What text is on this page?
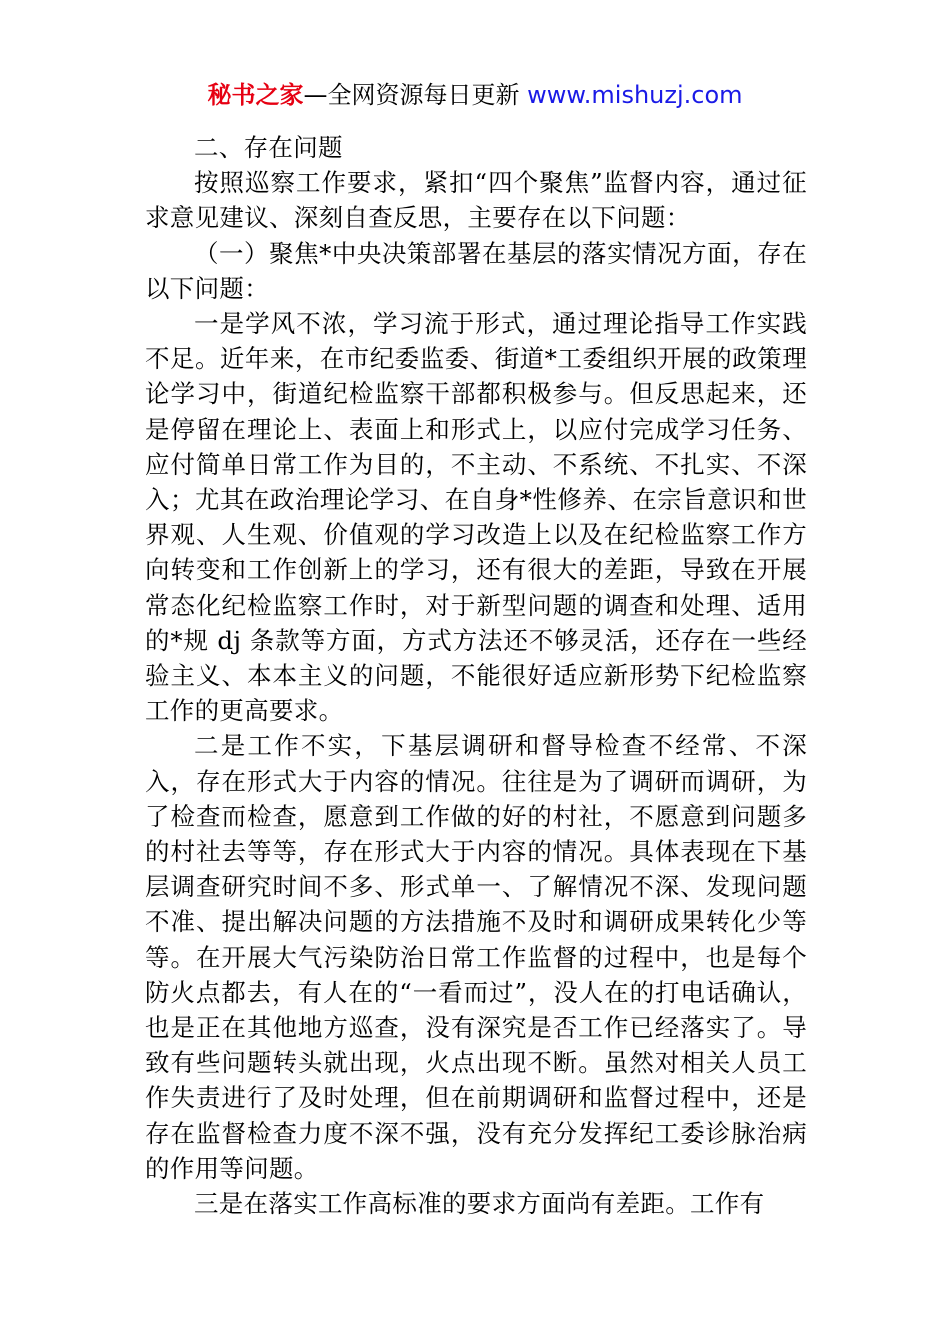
秘书之家—全网资源每日更新 www.mishuzj.com

二、存在问题

按照巡察工作要求，紧扣“四个聚焦”监督内容，通过征求意见建议、深刻自查反思，主要存在以下问题：

（一）聚焦*中央决策部署在基层的落实情况方面，存在以下问题：

一是学风不浓，学习流于形式，通过理论指导工作实践不足。近年来，在市纪委监委、街道*工委组织开展的政策理论学习中，街道纪检监察干部都积极参与。但反思起来，还是停留在理论上、表面上和形式上，以应付完成学习任务、应付简单日常工作为目的，不主动、不系统、不扎实、不深入；尤其在政治理论学习、在自身*性修养、在宗旨意识和世界观、人生观、价值观的学习改造上以及在纪检监察工作方向转变和工作创新上的学习，还有很大的差距，导致在开展常态化纪检监察工作时，对于新型问题的调查和处理、适用的*规 dj 条款等方面，方式方法还不够灵活，还存在一些经验主义、本本主义的问题，不能很好适应新形势下纪检监察工作的更高要求。

二是工作不实，下基层调研和督导检查不经常、不深入，存在形式大于内容的情况。往往是为了调研而调研，为了检查而检查，愿意到工作做的好的村社，不愿意到问题多的村社去等等，存在形式大于内容的情况。具体表现在下基层调查研究时间不多、形式单一、了解情况不深、发现问题不准、提出解决问题的方法措施不及时和调研成果转化少等等。在开展大气污染防治日常工作监督的过程中，也是每个防火点都去，有人在的“一看而过”，没人在的打电话确认，也是正在其他地方巡查，没有深究是否工作已经落实了。导致有些问题转头就出现，火点出现不断。虽然对相关人员工作失责进行了及时处理，但在前期调研和监督过程中，还是存在监督检查力度不深不强，没有充分发挥纪工委诊脉治病的作用等问题。

三是在落实工作高标准的要求方面尚有差距。工作有
